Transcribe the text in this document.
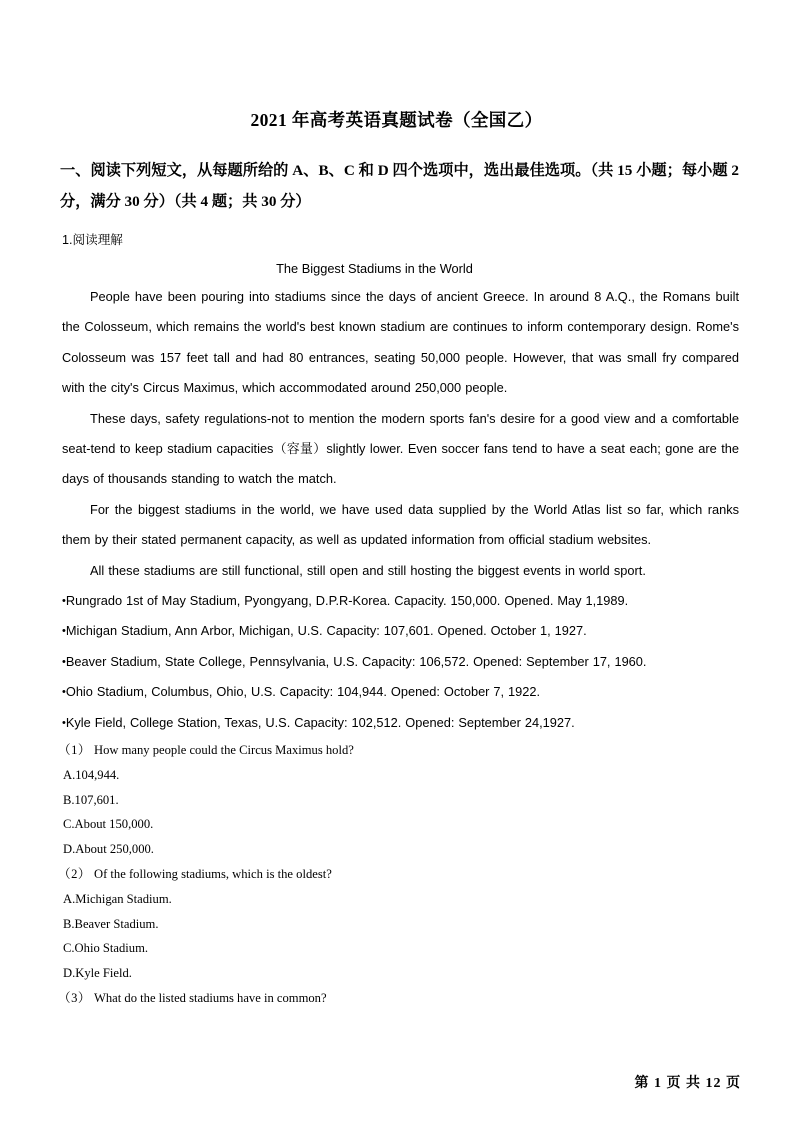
2021 年高考英语真题试卷（全国乙）

一、阅读下列短文，从每题所给的 A、B、C 和 D 四个选项中，选出最佳选项。（共 15 小题；每小题 2 分，满分 30 分）（共 4 题；共 30 分）

1.阅读理解

The Biggest Stadiums in the World

People have been pouring into stadiums since the days of ancient Greece. In around 8 A.Q., the Romans built the Colosseum, which remains the world's best known stadium are continues to inform contemporary design. Rome's Colosseum was 157 feet tall and had 80 entrances, seating 50,000 people. However, that was small fry compared with the city's Circus Maximus, which accommodated around 250,000 people.

These days, safety regulations-not to mention the modern sports fan's desire for a good view and a comfortable seat-tend to keep stadium capacities（容量）slightly lower. Even soccer fans tend to have a seat each; gone are the days of thousands standing to watch the match.

For the biggest stadiums in the world, we have used data supplied by the World Atlas list so far, which ranks them by their stated permanent capacity, as well as updated information from official stadium websites.

All these stadiums are still functional, still open and still hosting the biggest events in world sport.

•Rungrado 1st of May Stadium, Pyongyang, D.P.R-Korea. Capacity. 150,000. Opened. May 1,1989.
•Michigan Stadium, Ann Arbor, Michigan, U.S. Capacity: 107,601. Opened. October 1, 1927.
•Beaver Stadium, State College, Pennsylvania, U.S. Capacity: 106,572. Opened: September 17, 1960.
•Ohio Stadium, Columbus, Ohio, U.S. Capacity: 104,944. Opened: October 7, 1922.
•Kyle Field, College Station, Texas, U.S. Capacity: 102,512. Opened: September 24,1927.

（1） How many people could the Circus Maximus hold?

A.104,944.

B.107,601.

C.About 150,000.

D.About 250,000.

（2） Of the following stadiums, which is the oldest?

A.Michigan Stadium.

B.Beaver Stadium.

C.Ohio Stadium.

D.Kyle Field.

（3） What do the listed stadiums have in common?

第 1 页 共 12 页
